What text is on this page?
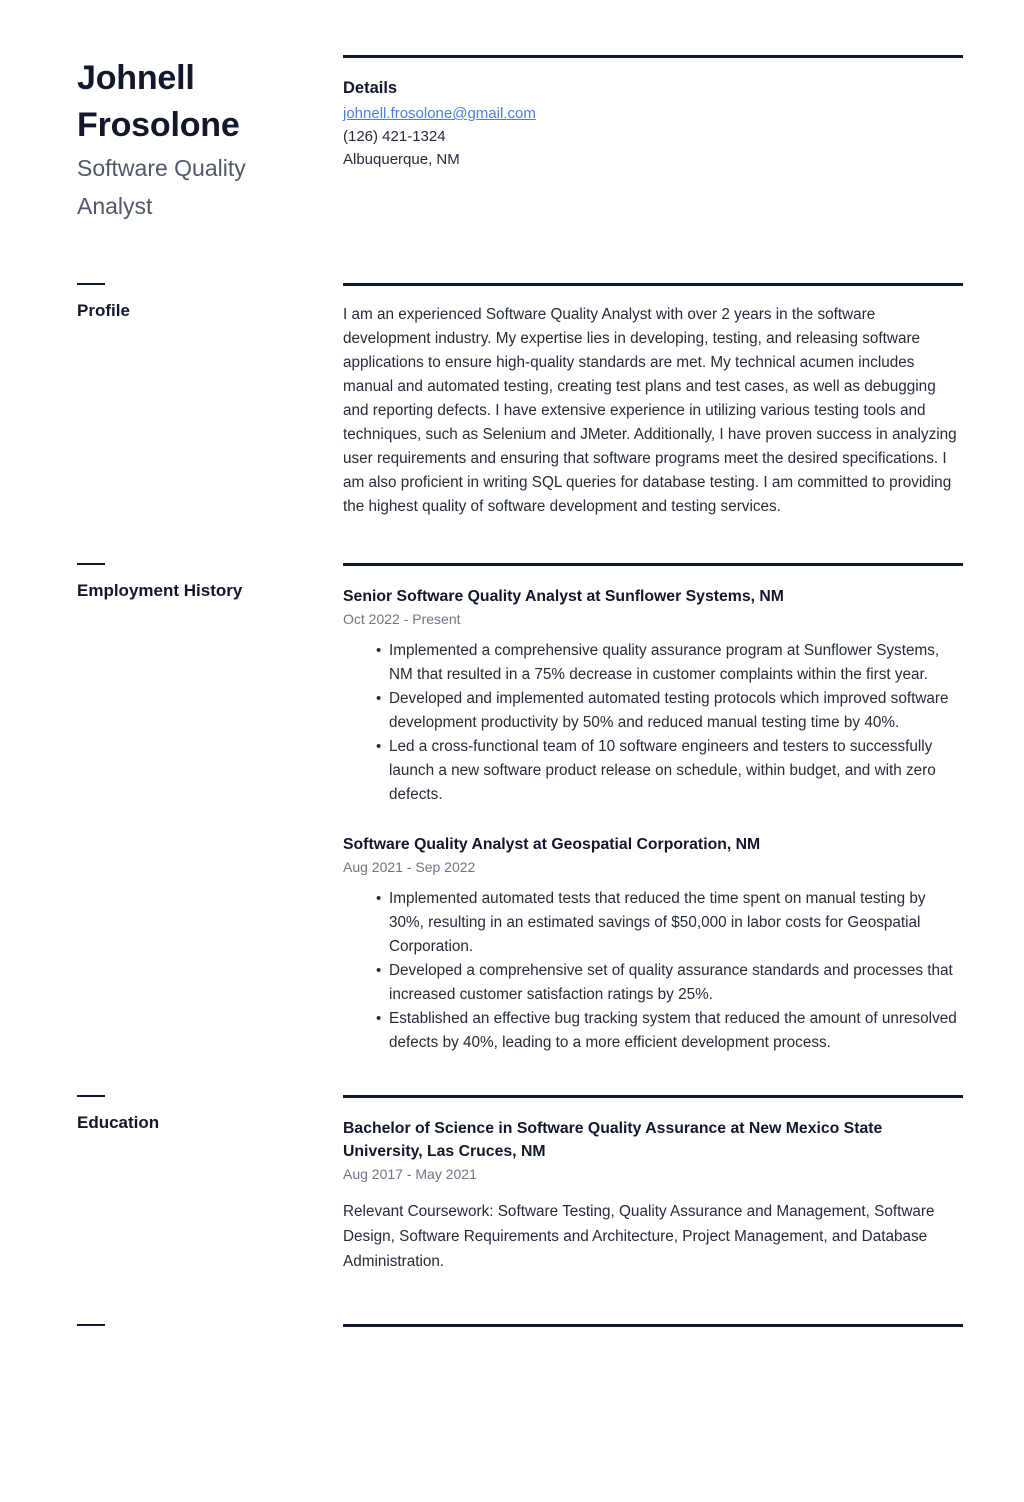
Johnell
Frosolone
Software Quality
Analyst
Details
johnell.frosolone@gmail.com
(126) 421-1324
Albuquerque, NM
Profile	I am an experienced Software Quality Analyst with over 2 years in the software development industry. My expertise lies in developing, testing, and releasing software applications to ensure high-quality standards are met. My technical acumen includes manual and automated testing, creating test plans and test cases, as well as debugging and reporting defects. I have extensive experience in utilizing various testing tools and techniques, such as Selenium and JMeter. Additionally, I have proven success in analyzing user requirements and ensuring that software programs meet the desired specifications. I am also proficient in writing SQL queries for database testing. I am committed to providing the highest quality of software development and testing services.

Employment History	Senior Software Quality Analyst at Sunflower Systems, NM
Oct 2022 - Present
• Implemented a comprehensive quality assurance program at Sunflower Systems, NM that resulted in a 75% decrease in customer complaints within the first year.
• Developed and implemented automated testing protocols which improved software development productivity by 50% and reduced manual testing time by 40%.
• Led a cross-functional team of 10 software engineers and testers to successfully launch a new software product release on schedule, within budget, and with zero defects.
Software Quality Analyst at Geospatial Corporation, NM
Aug 2021 - Sep 2022
• Implemented automated tests that reduced the time spent on manual testing by 30%, resulting in an estimated savings of $50,000 in labor costs for Geospatial Corporation.
• Developed a comprehensive set of quality assurance standards and processes that increased customer satisfaction ratings by 25%.
• Established an effective bug tracking system that reduced the amount of unresolved defects by 40%, leading to a more efficient development process.
Education	Bachelor of Science in Software Quality Assurance at New Mexico State University, Las Cruces, NM
Aug 2017 - May 2021

Relevant Coursework: Software Testing, Quality Assurance and Management, Software Design, Software Requirements and Architecture, Project Management, and Database Administration.
